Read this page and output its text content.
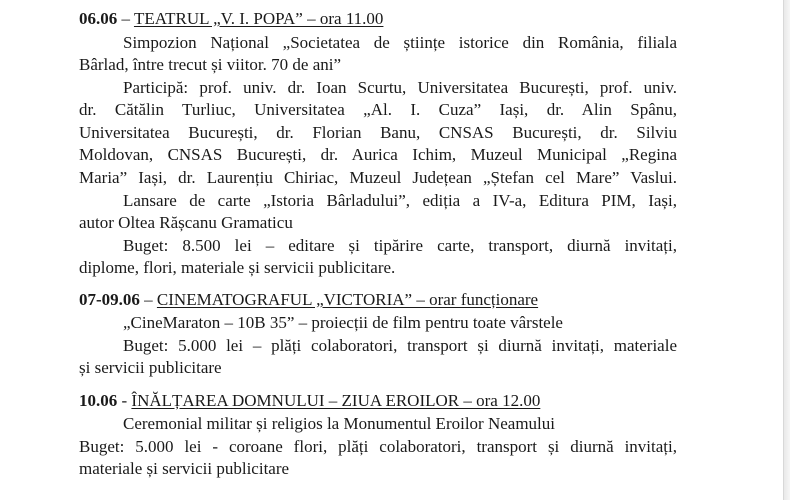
06.06 – TEATRUL „V. I. POPA” – ora 11.00
Simpozion Național „Societatea de științe istorice din România, filiala
Bârlad, între trecut și viitor. 70 de ani”
Participă: prof. univ. dr. Ioan Scurtu, Universitatea București, prof. univ.
dr. Cătălin Turliuc, Universitatea „Al. I. Cuza” Iași, dr. Alin Spânu,
Universitatea București, dr. Florian Banu, CNSAS București, dr. Silviu
Moldovan, CNSAS București, dr. Aurica Ichim, Muzeul Municipal „Regina
Maria” Iași, dr. Laurențiu Chiriac, Muzeul Județean „Ștefan cel Mare” Vaslui.
Lansare de carte „Istoria Bârladului”, ediția a IV-a, Editura PIM, Iași,
autor Oltea Rășcanu Gramaticu
Buget: 8.500 lei – editare și tipărire carte, transport, diurnă invitați,
diplome, flori, materiale și servicii publicitare.
07-09.06 – CINEMATOGRAFUL „VICTORIA” – orar funcționare
„CineMaraton – 10B 35” – proiecții de film pentru toate vârstele
Buget: 5.000 lei – plăți colaboratori, transport și diurnă invitați, materiale
și servicii publicitare
10.06 - ÎNĂLȚAREA DOMNULUI – ZIUA EROILOR – ora 12.00
Ceremonial militar și religios la Monumentul Eroilor Neamului
Buget: 5.000 lei - coroane flori, plăți colaboratori, transport și diurnă invitați,
materiale și servicii publicitare
